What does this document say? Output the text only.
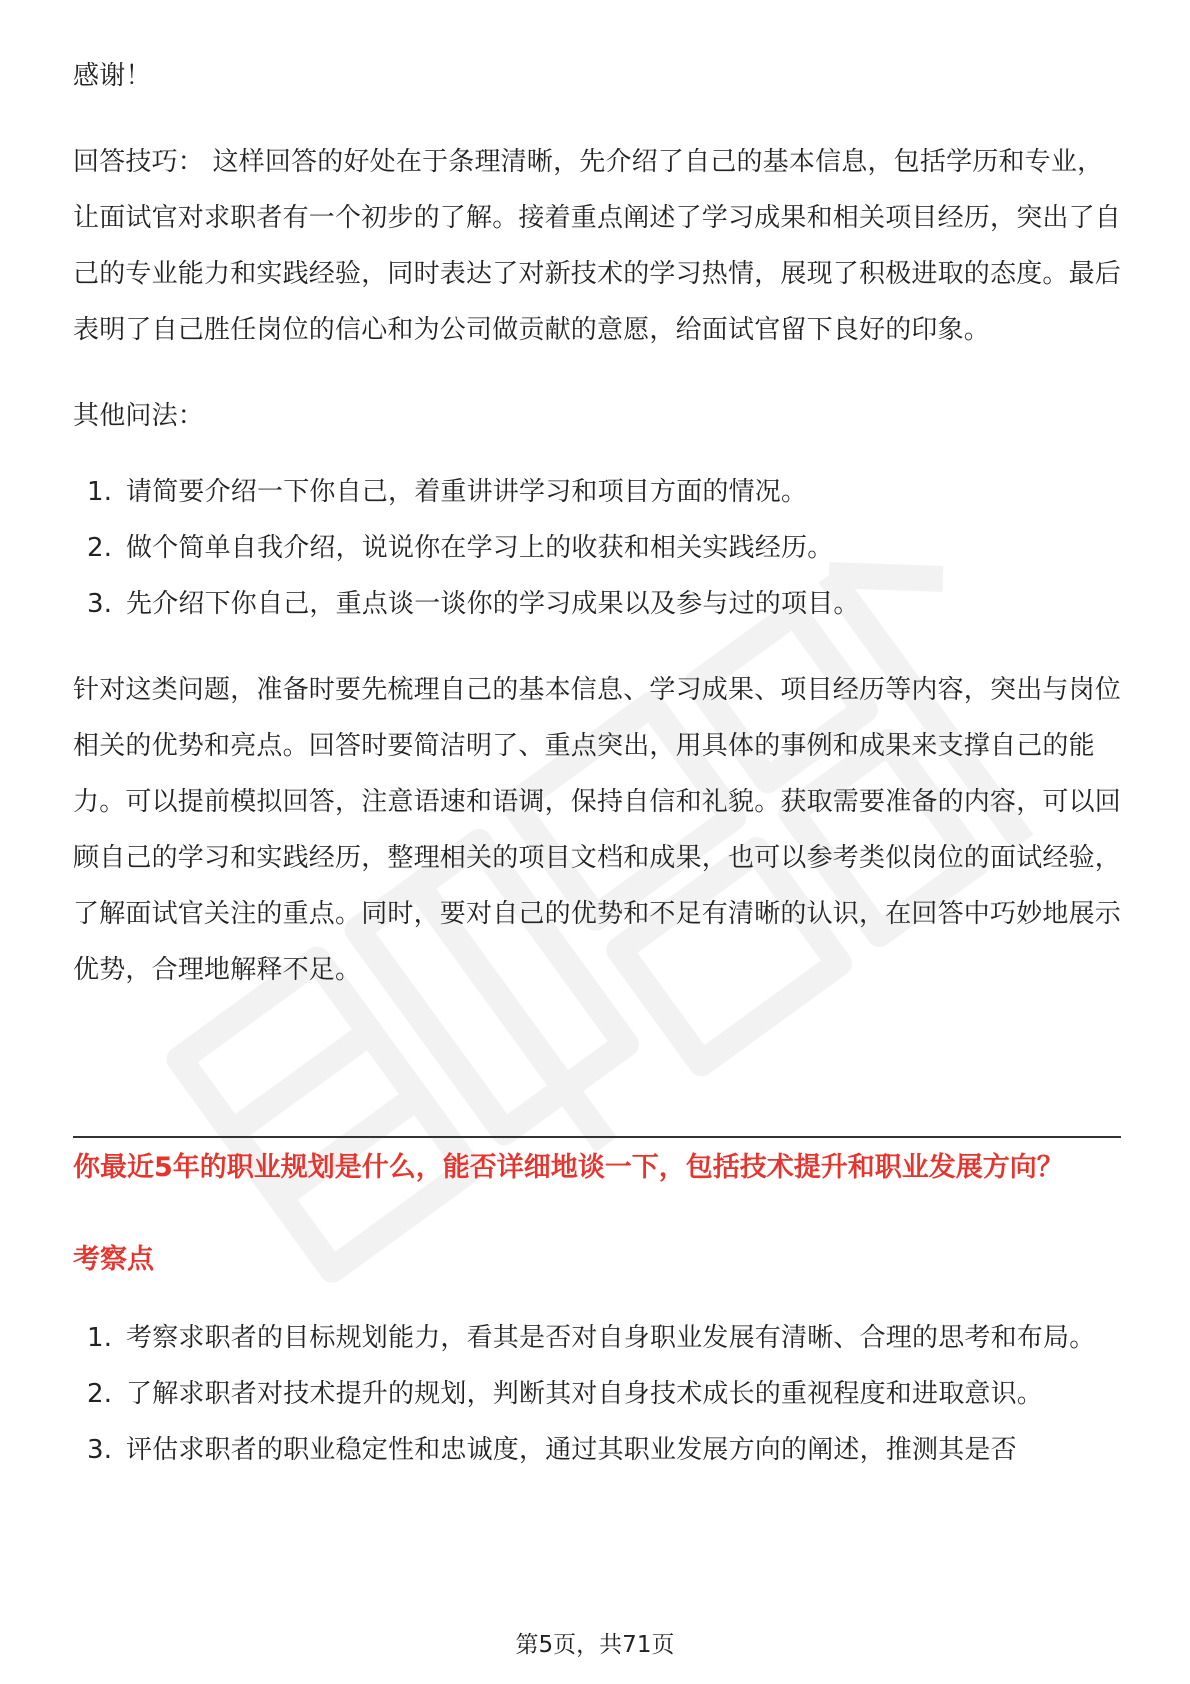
感谢！

回答技巧： 这样回答的好处在于条理清晰，先介绍了自己的基本信息，包括学历和专业，让面试官对求职者有一个初步的了解。接着重点阐述了学习成果和相关项目经历，突出了自己的专业能力和实践经验，同时表达了对新技术的学习热情，展现了积极进取的态度。最后表明了自己胜任岗位的信心和为公司做贡献的意愿，给面试官留下良好的印象。

其他问法：

1. 请简要介绍一下你自己，着重讲讲学习和项目方面的情况。
2. 做个简单自我介绍，说说你在学习上的收获和相关实践经历。
3. 先介绍下你自己，重点谈一谈你的学习成果以及参与过的项目。

针对这类问题，准备时要先梳理自己的基本信息、学习成果、项目经历等内容，突出与岗位相关的优势和亮点。回答时要简洁明了、重点突出，用具体的事例和成果来支撑自己的能力。可以提前模拟回答，注意语速和语调，保持自信和礼貌。获取需要准备的内容，可以回顾自己的学习和实践经历，整理相关的项目文档和成果，也可以参考类似岗位的面试经验，了解面试官关注的重点。同时，要对自己的优势和不足有清晰的认识，在回答中巧妙地展示优势，合理地解释不足。

你最近5年的职业规划是什么，能否详细地谈一下，包括技术提升和职业发展方向？

考察点

1. 考察求职者的目标规划能力，看其是否对自身职业发展有清晰、合理的思考和布局。
2. 了解求职者对技术提升的规划，判断其对自身技术成长的重视程度和进取意识。
3. 评估求职者的职业稳定性和忠诚度，通过其职业发展方向的阐述，推测其是否
第5页，共71页
